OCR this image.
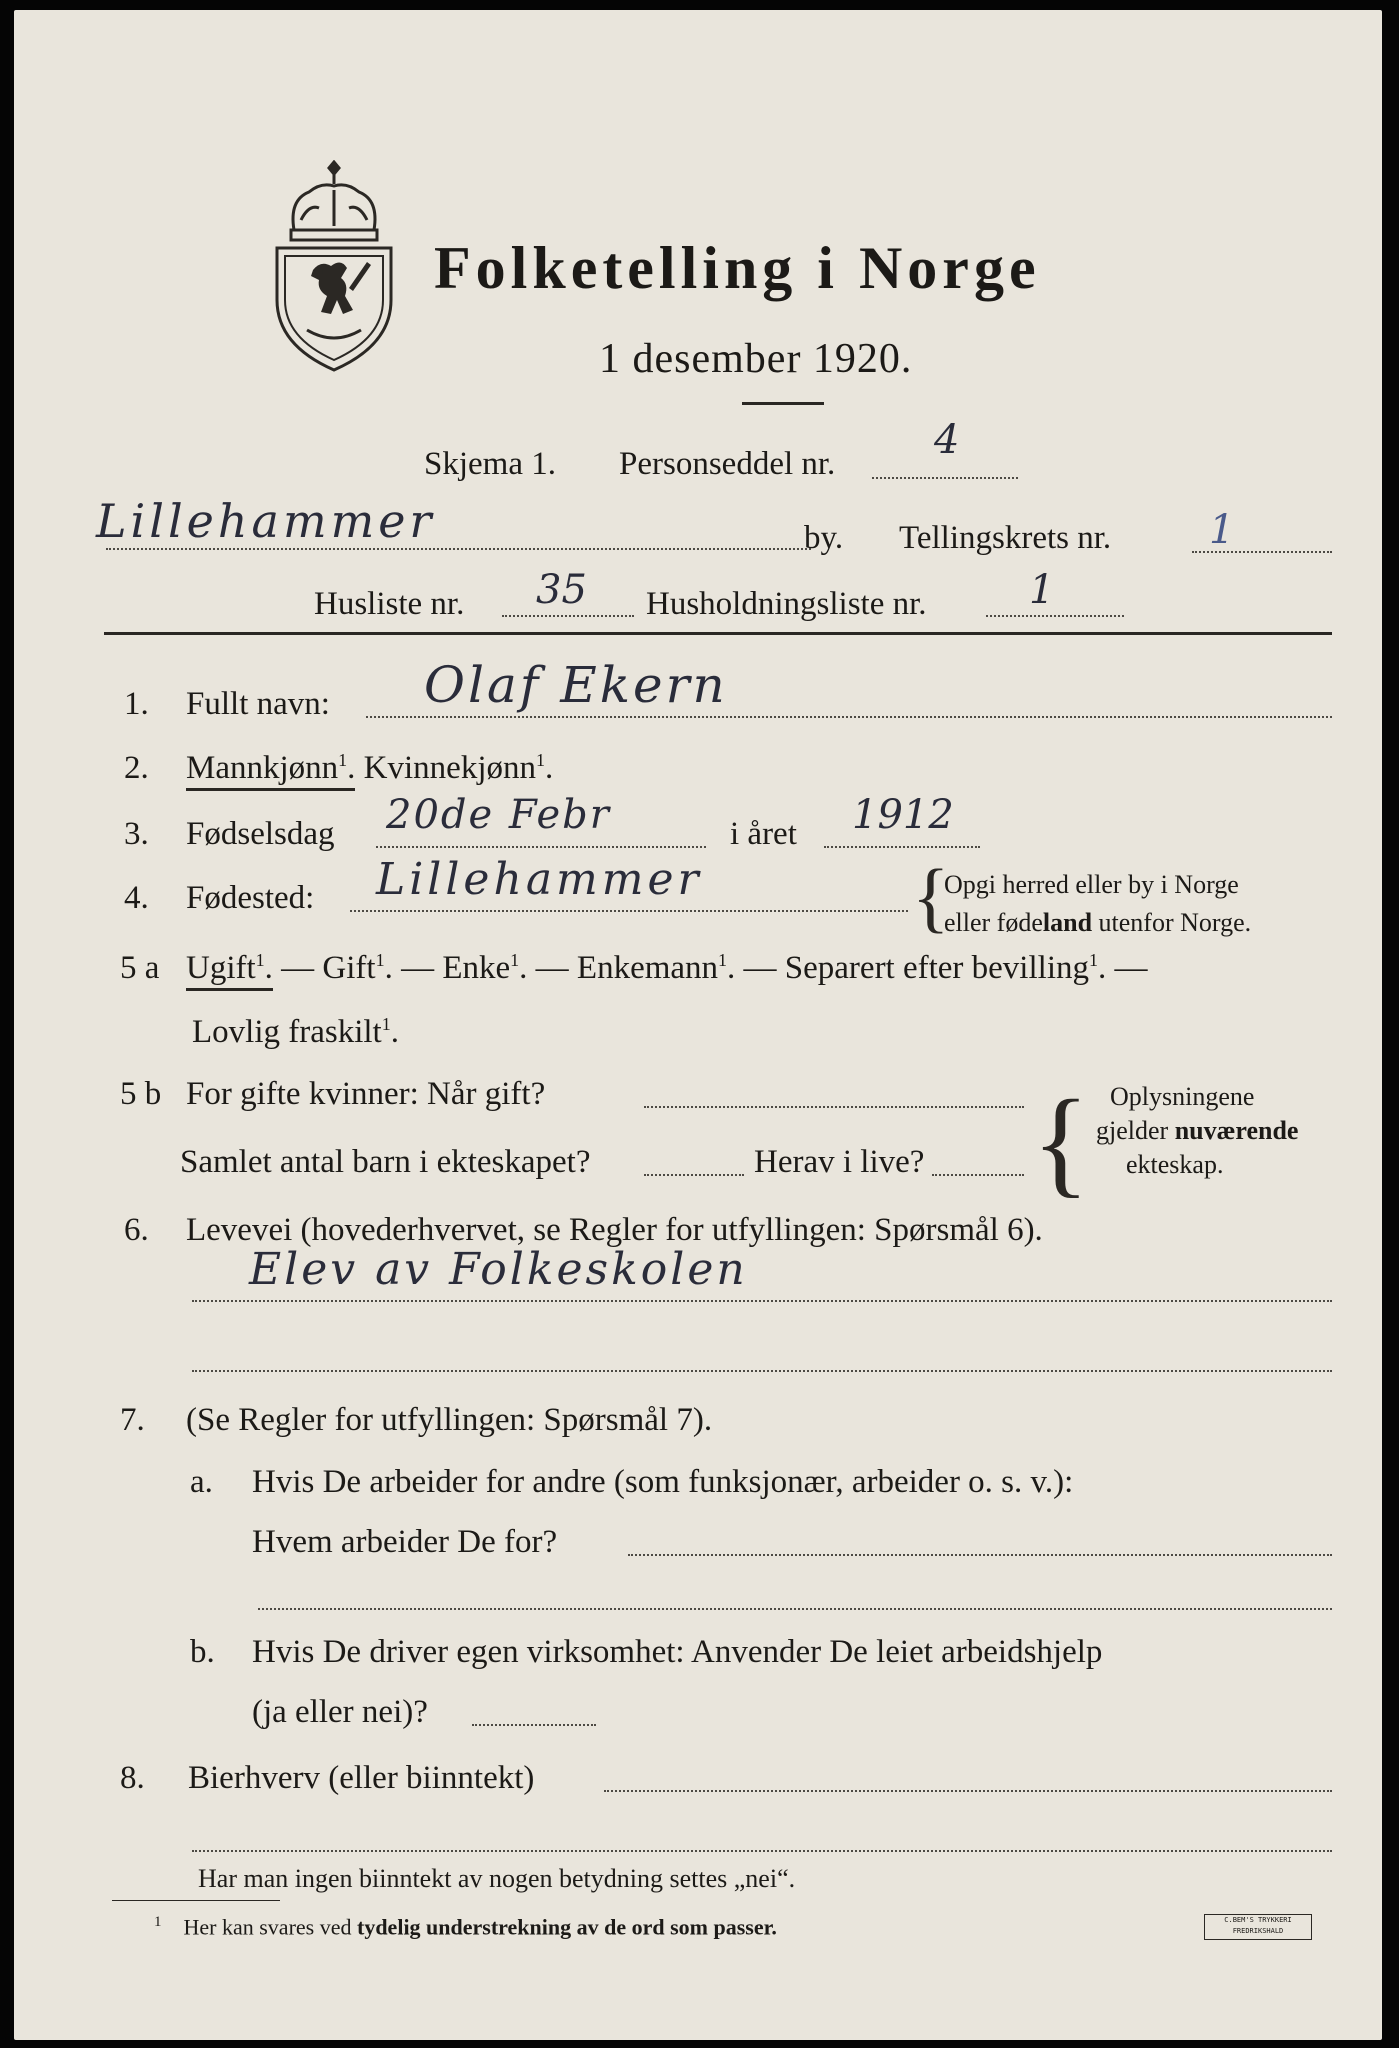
Folketelling i Norge
1 desember 1920.
Skjema 1. Personseddel nr.
4
Lillehammer	by. Tellingskrets nr. 1
Husliste nr. 35 Husholdningsliste nr.	1
1. Fullt navn: Olaf Ekern
2. Mannkjønn$^1$. Kvinnekjønn$^1$.
3. Fødselsdag 20de Febr	i året 1912
4. Fødested: Lillehammer	{
Opgi herred eller by i Norge
eller fødeland utenfor Norge.
5 a Ugift$^1$. — Gift$^1$. — Enke$^1$. — Enkemann$^1$. — Separert efter bevilling$^1$. —
Lovlig fraskilt$^1$.
5 b For gifte kvinner: Når gift?
Samlet antal barn i ekteskapet?	Herav i live? { Oplysningene
gjelder nuværende
ekteskap.
6. Levevei (hovederhvervet, se Regler for utfyllingen: Spørsmål 6).
Elev av Folkeskolen
7. (Se Regler for utfyllingen: Spørsmål 7).
a. Hvis De arbeider for andre (som funksjonær, arbeider o. s. v.):
Hvem arbeider De for?
b. Hvis De driver egen virksomhet: Anvender De leiet arbeidshjelp
(ja eller nei)?
8. Bierhverv (eller biinntekt)
Har man ingen biinntekt av nogen betydning settes „nei“.
$^1$ Her kan svares ved tydelig understrekning av de ord som passer.	C.BEM'S TRYKKERI
FREDRIKSHALD
